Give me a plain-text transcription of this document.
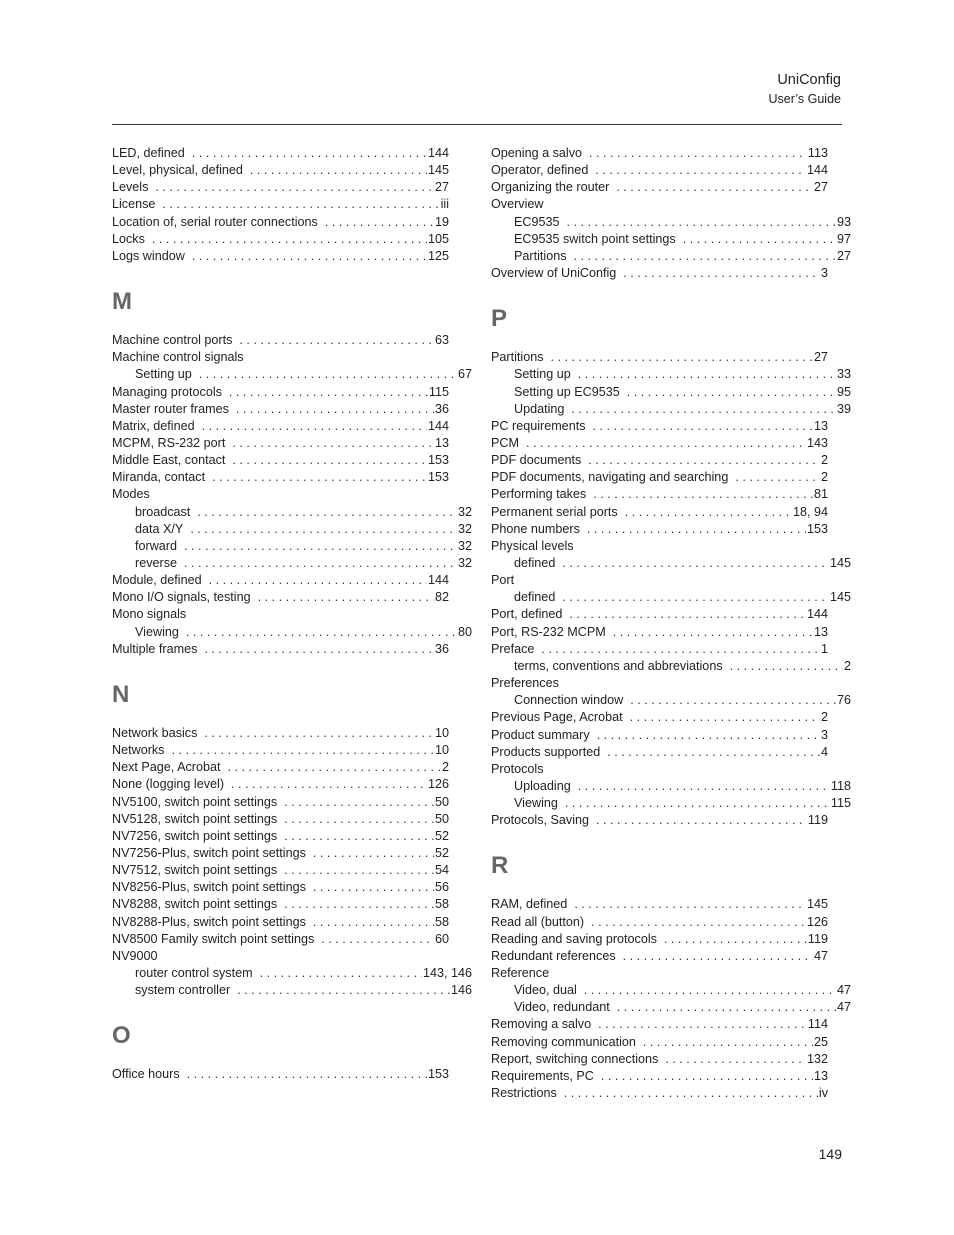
UniConfig
User’s Guide
LED, defined . . .	144
Level, physical, defined . . .	145
Levels . . .	27
License . . .	iii
Location of, serial router connections . . .	19
Locks . . .	105
Logs window . . .	125
M
Machine control ports . . .	63
Machine control signals
Setting up . . .	67
Managing protocols . . .	115
Master router frames . . .	36
Matrix, defined . . .	144
MCPM, RS-232 port . . .	13
Middle East, contact . . .	153
Miranda, contact . . .	153
Modes
broadcast . . .	32
data X/Y . . .	32
forward . . .	32
reverse . . .	32
Module, defined . . .	144
Mono I/O signals, testing . . .	82
Mono signals
Viewing . . .	80
Multiple frames . . .	36
N
Network basics . . .	10
Networks . . .	10
Next Page, Acrobat . . .	2
None (logging level) . . .	126
NV5100, switch point settings . . .	50
NV5128, switch point settings . . .	50
NV7256, switch point settings . . .	52
NV7256-Plus, switch point settings . . .	52
NV7512, switch point settings . . .	54
NV8256-Plus, switch point settings . . .	56
NV8288, switch point settings . . .	58
NV8288-Plus, switch point settings . . .	58
NV8500 Family switch point settings . . .	60
NV9000
router control system . . .	143, 146
system controller . . .	146
O
Office hours . . .	153
Opening a salvo . . .	113
Operator, defined . . .	144
Organizing the router . . .	27
Overview
EC9535 . . .	93
EC9535 switch point settings . . .	97
Partitions . . .	27
Overview of UniConfig . . .	3
P
Partitions . . .	27
Setting up . . .	33
Setting up EC9535 . . .	95
Updating . . .	39
PC requirements . . .	13
PCM . . .	143
PDF documents . . .	2
PDF documents, navigating and searching . . .	2
Performing takes . . .	81
Permanent serial ports . . .	18, 94
Phone numbers . . .	153
Physical levels
defined . . .	145
Port
defined . . .	145
Port, defined . . .	144
Port, RS-232 MCPM . . .	13
Preface . . .	1
terms, conventions and abbreviations . . .	2
Preferences
Connection window . . .	76
Previous Page, Acrobat . . .	2
Product summary . . .	3
Products supported . . .	4
Protocols
Uploading . . .	118
Viewing . . .	115
Protocols, Saving . . .	119
R
RAM, defined . . .	145
Read all (button) . . .	126
Reading and saving protocols . . .	119
Redundant references . . .	47
Reference
Video, dual . . .	47
Video, redundant . . .	47
Removing a salvo . . .	114
Removing communication . . .	25
Report, switching connections . . .	132
Requirements, PC . . .	13
Restrictions . . .	iv
149
